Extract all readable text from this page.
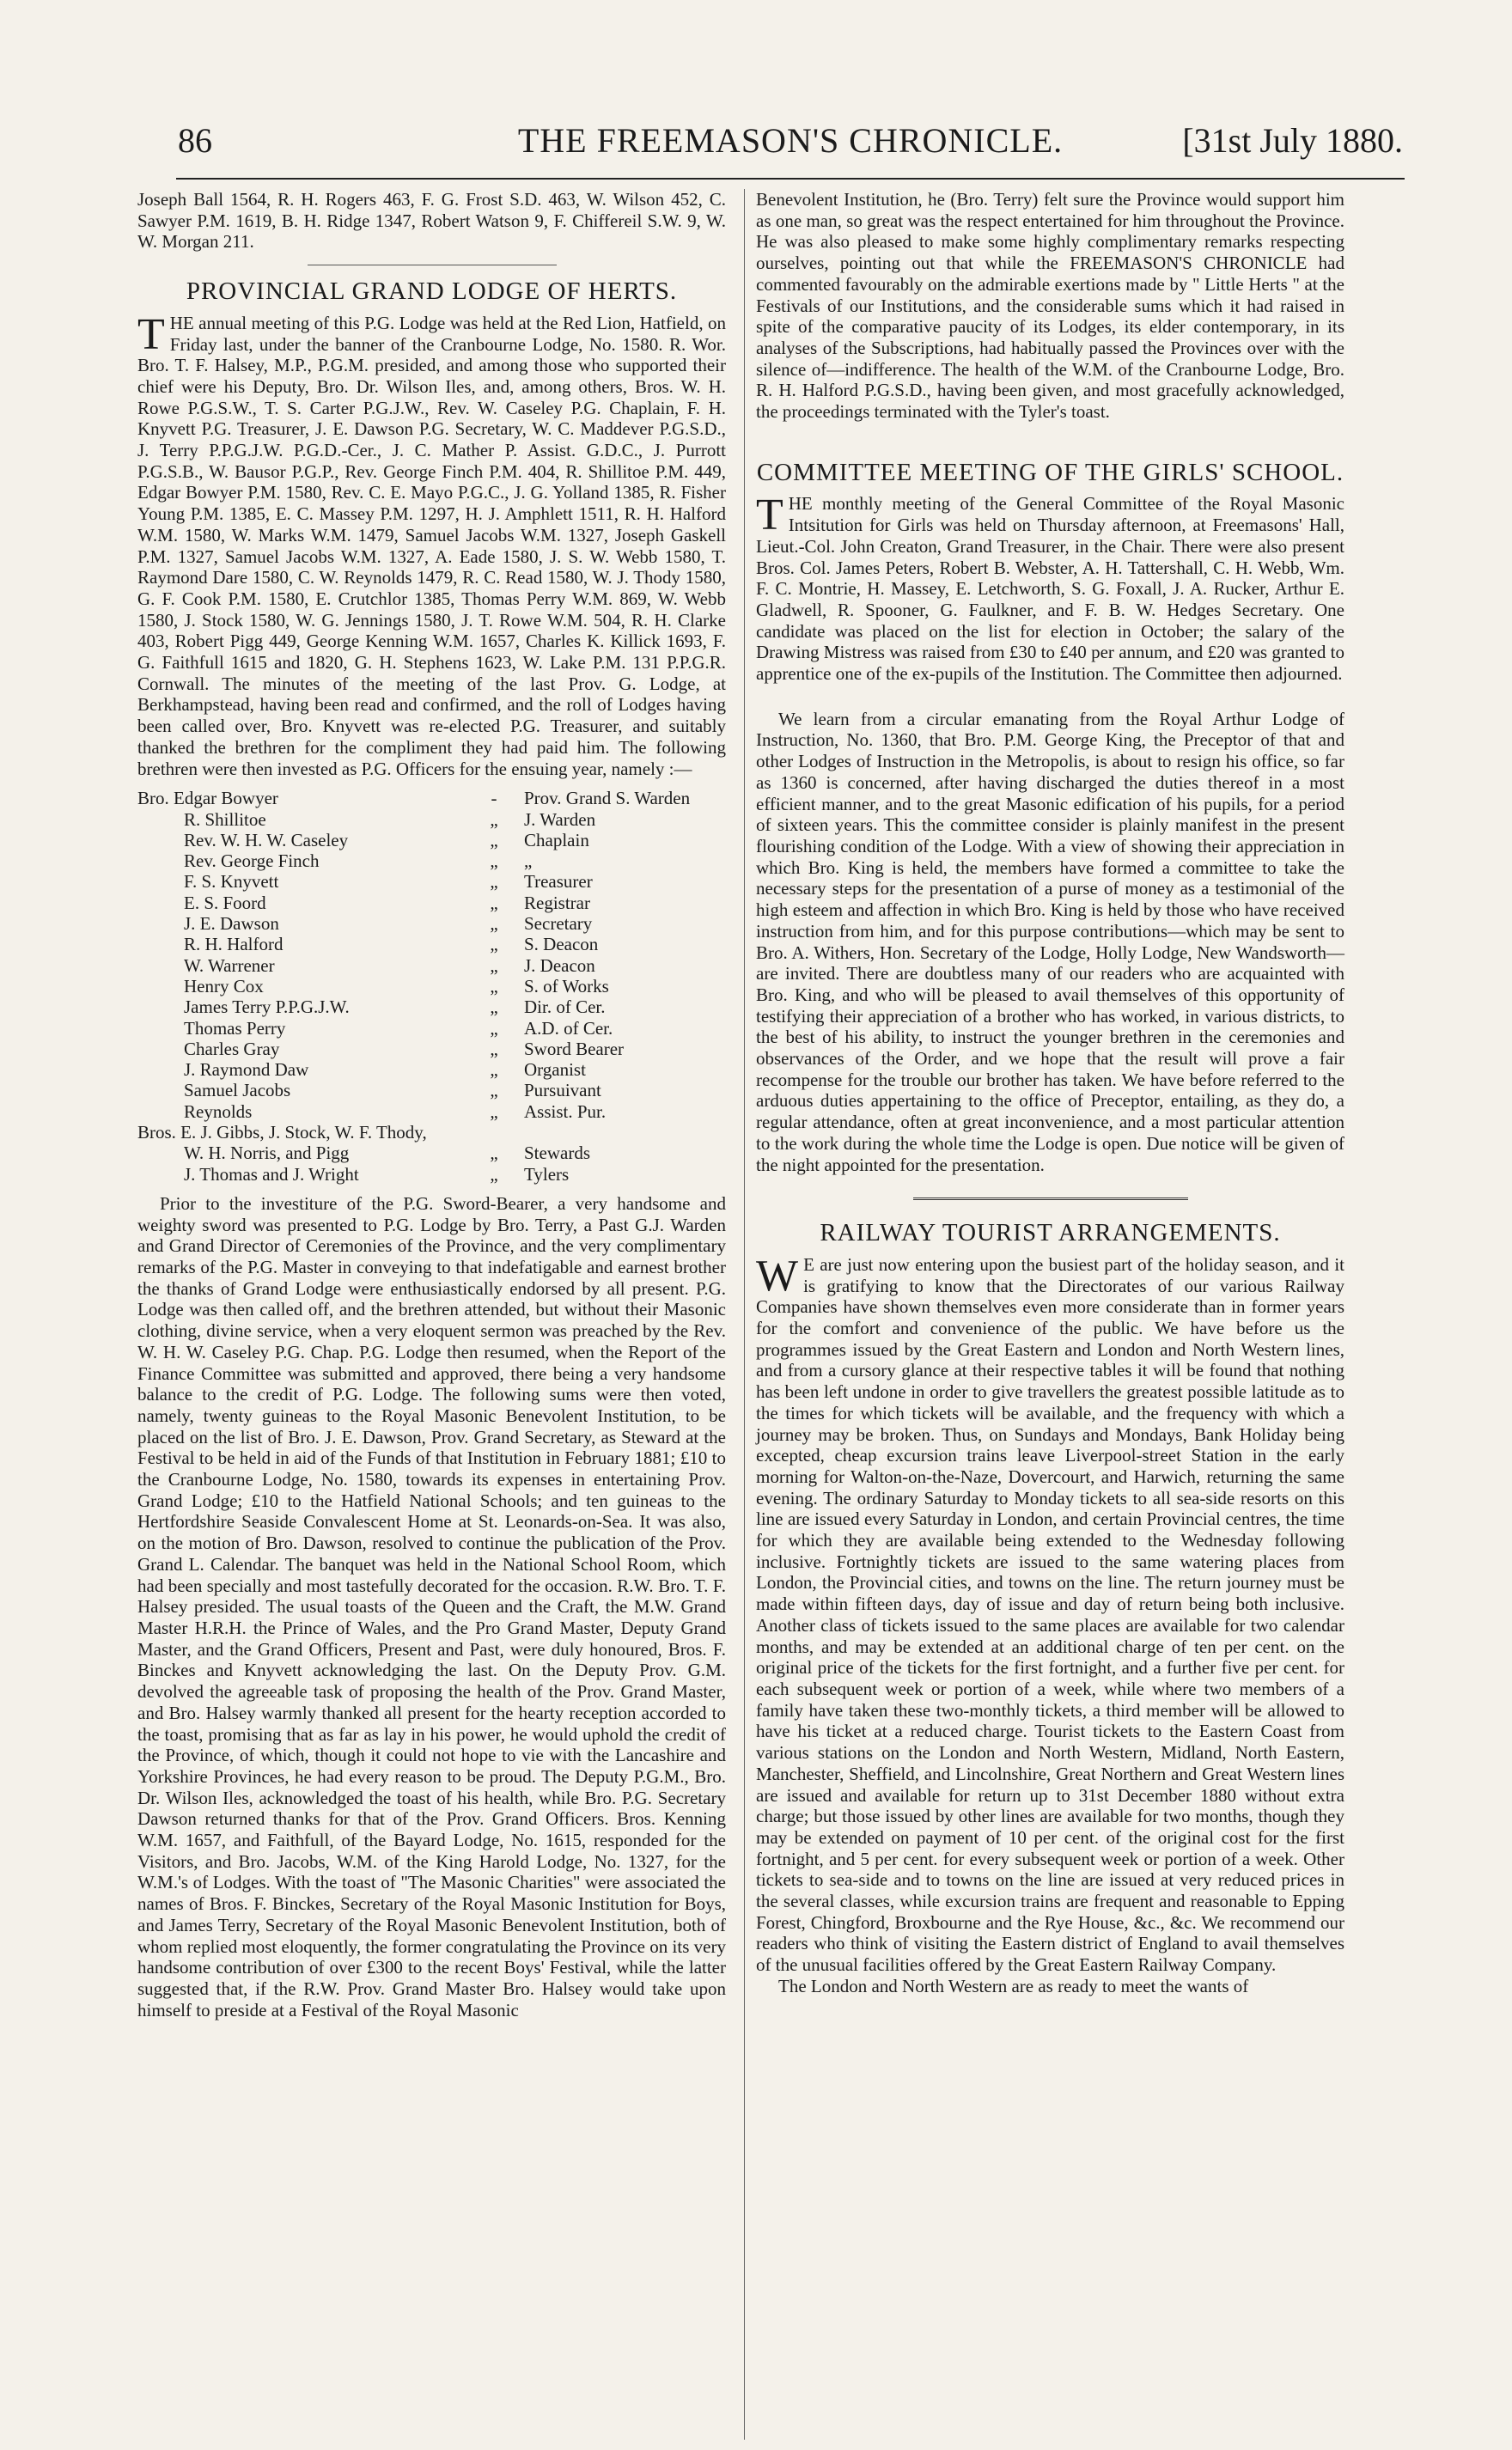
86	THE FREEMASON'S CHRONICLE.	[31st July 1880.

Joseph Ball 1564, R. H. Rogers 463, F. G. Frost S.D. 463, W. Wilson 452, C. Sawyer P.M. 1619, B. H. Ridge 1347, Robert Watson 9, F. Chiffereil S.W. 9, W. W. Morgan 211.

PROVINCIAL GRAND LODGE OF HERTS.

THE annual meeting of this P.G. Lodge was held at the Red Lion, Hatfield, on Friday last, under the banner of the Cranbourne Lodge, No. 1580. R. Wor. Bro. T. F. Halsey, M.P., P.G.M. presided, and among those who supported their chief were his Deputy, Bro. Dr. Wilson Iles, and, among others, Bros. W. H. Rowe P.G.S.W., T. S. Carter P.G.J.W., Rev. W. Caseley P.G. Chaplain, F. H. Knyvett P.G. Treasurer, J. E. Dawson P.G. Secretary, W. C. Maddever P.G.S.D., J. Terry P.P.G.J.W. P.G.D.-Cer., J. C. Mather P. Assist. G.D.C., J. Purrott P.G.S.B., W. Bausor P.G.P., Rev. George Finch P.M. 404, R. Shillitoe P.M. 449, Edgar Bowyer P.M. 1580, Rev. C. E. Mayo P.G.C., J. G. Yolland 1385, R. Fisher Young P.M. 1385, E. C. Massey P.M. 1297, H. J. Amphlett 1511, R. H. Halford W.M. 1580, W. Marks W.M. 1479, Samuel Jacobs W.M. 1327, Joseph Gaskell P.M. 1327, Samuel Jacobs W.M. 1327, A. Eade 1580, J. S. W. Webb 1580, T. Raymond Dare 1580, C. W. Reynolds 1479, R. C. Read 1580, W. J. Thody 1580, G. F. Cook P.M. 1580, E. Crutchlor 1385, Thomas Perry W.M. 869, W. Webb 1580, J. Stock 1580, W. G. Jennings 1580, J. T. Rowe W.M. 504, R. H. Clarke 403, Robert Pigg 449, George Kenning W.M. 1657, Charles K. Killick 1693, F. G. Faithfull 1615 and 1820, G. H. Stephens 1623, W. Lake P.M. 131 P.P.G.R. Cornwall. The minutes of the meeting of the last Prov. G. Lodge, at Berkhampstead, having been read and confirmed, and the roll of Lodges having been called over, Bro. Knyvett was re-elected P.G. Treasurer, and suitably thanked the brethren for the compliment they had paid him. The following brethren were then invested as P.G. Officers for the ensuing year, namely :—

Bro. Edgar Bowyer	-	Prov. Grand S. Warden
R. Shillitoe	„	J. Warden
Rev. W. H. W. Caseley	„	Chaplain
Rev. George Finch	„	„
F. S. Knyvett	„	Treasurer
E. S. Foord	„	Registrar
J. E. Dawson	„	Secretary
R. H. Halford	„	S. Deacon
W. Warrener	„	J. Deacon
Henry Cox	„	S. of Works
James Terry P.P.G.J.W.	„	Dir. of Cer.
Thomas Perry	„	A.D. of Cer.
Charles Gray	„	Sword Bearer
J. Raymond Daw	„	Organist
Samuel Jacobs	„	Pursuivant
Reynolds	„	Assist. Pur.
Bros. E. J. Gibbs, J. Stock, W. F. Thody,
W. H. Norris, and Pigg	„	Stewards
J. Thomas and J. Wright	„	Tylers

Prior to the investiture of the P.G. Sword-Bearer, a very handsome and weighty sword was presented to P.G. Lodge by Bro. Terry, a Past G.J. Warden and Grand Director of Ceremonies of the Province, and the very complimentary remarks of the P.G. Master in conveying to that indefatigable and earnest brother the thanks of Grand Lodge were enthusiastically endorsed by all present. P.G. Lodge was then called off, and the brethren attended, but without their Masonic clothing, divine service, when a very eloquent sermon was preached by the Rev. W. H. W. Caseley P.G. Chap. P.G. Lodge then resumed, when the Report of the Finance Committee was submitted and approved, there being a very handsome balance to the credit of P.G. Lodge. The following sums were then voted, namely, twenty guineas to the Royal Masonic Benevolent Institution, to be placed on the list of Bro. J. E. Dawson, Prov. Grand Secretary, as Steward at the Festival to be held in aid of the Funds of that Institution in February 1881; £10 to the Cranbourne Lodge, No. 1580, towards its expenses in entertaining Prov. Grand Lodge; £10 to the Hatfield National Schools; and ten guineas to the Hertfordshire Seaside Convalescent Home at St. Leonards-on-Sea. It was also, on the motion of Bro. Dawson, resolved to continue the publication of the Prov. Grand L. Calendar. The banquet was held in the National School Room, which had been specially and most tastefully decorated for the occasion. R.W. Bro. T. F. Halsey presided. The usual toasts of the Queen and the Craft, the M.W. Grand Master H.R.H. the Prince of Wales, and the Pro Grand Master, Deputy Grand Master, and the Grand Officers, Present and Past, were duly honoured, Bros. F. Binckes and Knyvett acknowledging the last. On the Deputy Prov. G.M. devolved the agreeable task of proposing the health of the Prov. Grand Master, and Bro. Halsey warmly thanked all present for the hearty reception accorded to the toast, promising that as far as lay in his power, he would uphold the credit of the Province, of which, though it could not hope to vie with the Lancashire and Yorkshire Provinces, he had every reason to be proud. The Deputy P.G.M., Bro. Dr. Wilson Iles, acknowledged the toast of his health, while Bro. P.G. Secretary Dawson returned thanks for that of the Prov. Grand Officers. Bros. Kenning W.M. 1657, and Faithfull, of the Bayard Lodge, No. 1615, responded for the Visitors, and Bro. Jacobs, W.M. of the King Harold Lodge, No. 1327, for the W.M.'s of Lodges. With the toast of "The Masonic Charities" were associated the names of Bros. F. Binckes, Secretary of the Royal Masonic Institution for Boys, and James Terry, Secretary of the Royal Masonic Benevolent Institution, both of whom replied most eloquently, the former congratulating the Province on its very handsome contribution of over £300 to the recent Boys' Festival, while the latter suggested that, if the R.W. Prov. Grand Master Bro. Halsey would take upon himself to preside at a Festival of the Royal Masonic

Benevolent Institution, he (Bro. Terry) felt sure the Province would support him as one man, so great was the respect entertained for him throughout the Province. He was also pleased to make some highly complimentary remarks respecting ourselves, pointing out that while the FREEMASON'S CHRONICLE had commented favourably on the admirable exertions made by " Little Herts " at the Festivals of our Institutions, and the considerable sums which it had raised in spite of the comparative paucity of its Lodges, its elder contemporary, in its analyses of the Subscriptions, had habitually passed the Provinces over with the silence of—indifference. The health of the W.M. of the Cranbourne Lodge, Bro. R. H. Halford P.G.S.D., having been given, and most gracefully acknowledged, the proceedings terminated with the Tyler's toast.

COMMITTEE MEETING OF THE GIRLS' SCHOOL.

THE monthly meeting of the General Committee of the Royal Masonic Intsitution for Girls was held on Thursday afternoon, at Freemasons' Hall, Lieut.-Col. John Creaton, Grand Treasurer, in the Chair. There were also present Bros. Col. James Peters, Robert B. Webster, A. H. Tattershall, C. H. Webb, Wm. F. C. Montrie, H. Massey, E. Letchworth, S. G. Foxall, J. A. Rucker, Arthur E. Gladwell, R. Spooner, G. Faulkner, and F. B. W. Hedges Secretary. One candidate was placed on the list for election in October; the salary of the Drawing Mistress was raised from £30 to £40 per annum, and £20 was granted to apprentice one of the ex-pupils of the Institution. The Committee then adjourned.

We learn from a circular emanating from the Royal Arthur Lodge of Instruction, No. 1360, that Bro. P.M. George King, the Preceptor of that and other Lodges of Instruction in the Metropolis, is about to resign his office, so far as 1360 is concerned, after having discharged the duties thereof in a most efficient manner, and to the great Masonic edification of his pupils, for a period of sixteen years. This the committee consider is plainly manifest in the present flourishing condition of the Lodge. With a view of showing their appreciation in which Bro. King is held, the members have formed a committee to take the necessary steps for the presentation of a purse of money as a testimonial of the high esteem and affection in which Bro. King is held by those who have received instruction from him, and for this purpose contributions—which may be sent to Bro. A. Withers, Hon. Secretary of the Lodge, Holly Lodge, New Wandsworth—are invited. There are doubtless many of our readers who are acquainted with Bro. King, and who will be pleased to avail themselves of this opportunity of testifying their appreciation of a brother who has worked, in various districts, to the best of his ability, to instruct the younger brethren in the ceremonies and observances of the Order, and we hope that the result will prove a fair recompense for the trouble our brother has taken. We have before referred to the arduous duties appertaining to the office of Preceptor, entailing, as they do, a regular attendance, often at great inconvenience, and a most particular attention to the work during the whole time the Lodge is open. Due notice will be given of the night appointed for the presentation.

RAILWAY TOURIST ARRANGEMENTS.

W E are just now entering upon the busiest part of the holiday season, and it is gratifying to know that the Directorates of our various Railway Companies have shown themselves even more considerate than in former years for the comfort and convenience of the public. We have before us the programmes issued by the Great Eastern and London and North Western lines, and from a cursory glance at their respective tables it will be found that nothing has been left undone in order to give travellers the greatest possible latitude as to the times for which tickets will be available, and the frequency with which a journey may be broken. Thus, on Sundays and Mondays, Bank Holiday being excepted, cheap excursion trains leave Liverpool-street Station in the early morning for Walton-on-the-Naze, Dovercourt, and Harwich, returning the same evening. The ordinary Saturday to Monday tickets to all sea-side resorts on this line are issued every Saturday in London, and certain Provincial centres, the time for which they are available being extended to the Wednesday following inclusive. Fortnightly tickets are issued to the same watering places from London, the Provincial cities, and towns on the line. The return journey must be made within fifteen days, day of issue and day of return being both inclusive. Another class of tickets issued to the same places are available for two calendar months, and may be extended at an additional charge of ten per cent. on the original price of the tickets for the first fortnight, and a further five per cent. for each subsequent week or portion of a week, while where two members of a family have taken these two-monthly tickets, a third member will be allowed to have his ticket at a reduced charge. Tourist tickets to the Eastern Coast from various stations on the London and North Western, Midland, North Eastern, Manchester, Sheffield, and Lincolnshire, Great Northern and Great Western lines are issued and available for return up to 31st December 1880 without extra charge; but those issued by other lines are available for two months, though they may be extended on payment of 10 per cent. of the original cost for the first fortnight, and 5 per cent. for every subsequent week or portion of a week. Other tickets to sea-side and to towns on the line are issued at very reduced prices in the several classes, while excursion trains are frequent and reasonable to Epping Forest, Chingford, Broxbourne and the Rye House, &c., &c. We recommend our readers who think of visiting the Eastern district of England to avail themselves of the unusual facilities offered by the Great Eastern Railway Company.

The London and North Western are as ready to meet the wants of
